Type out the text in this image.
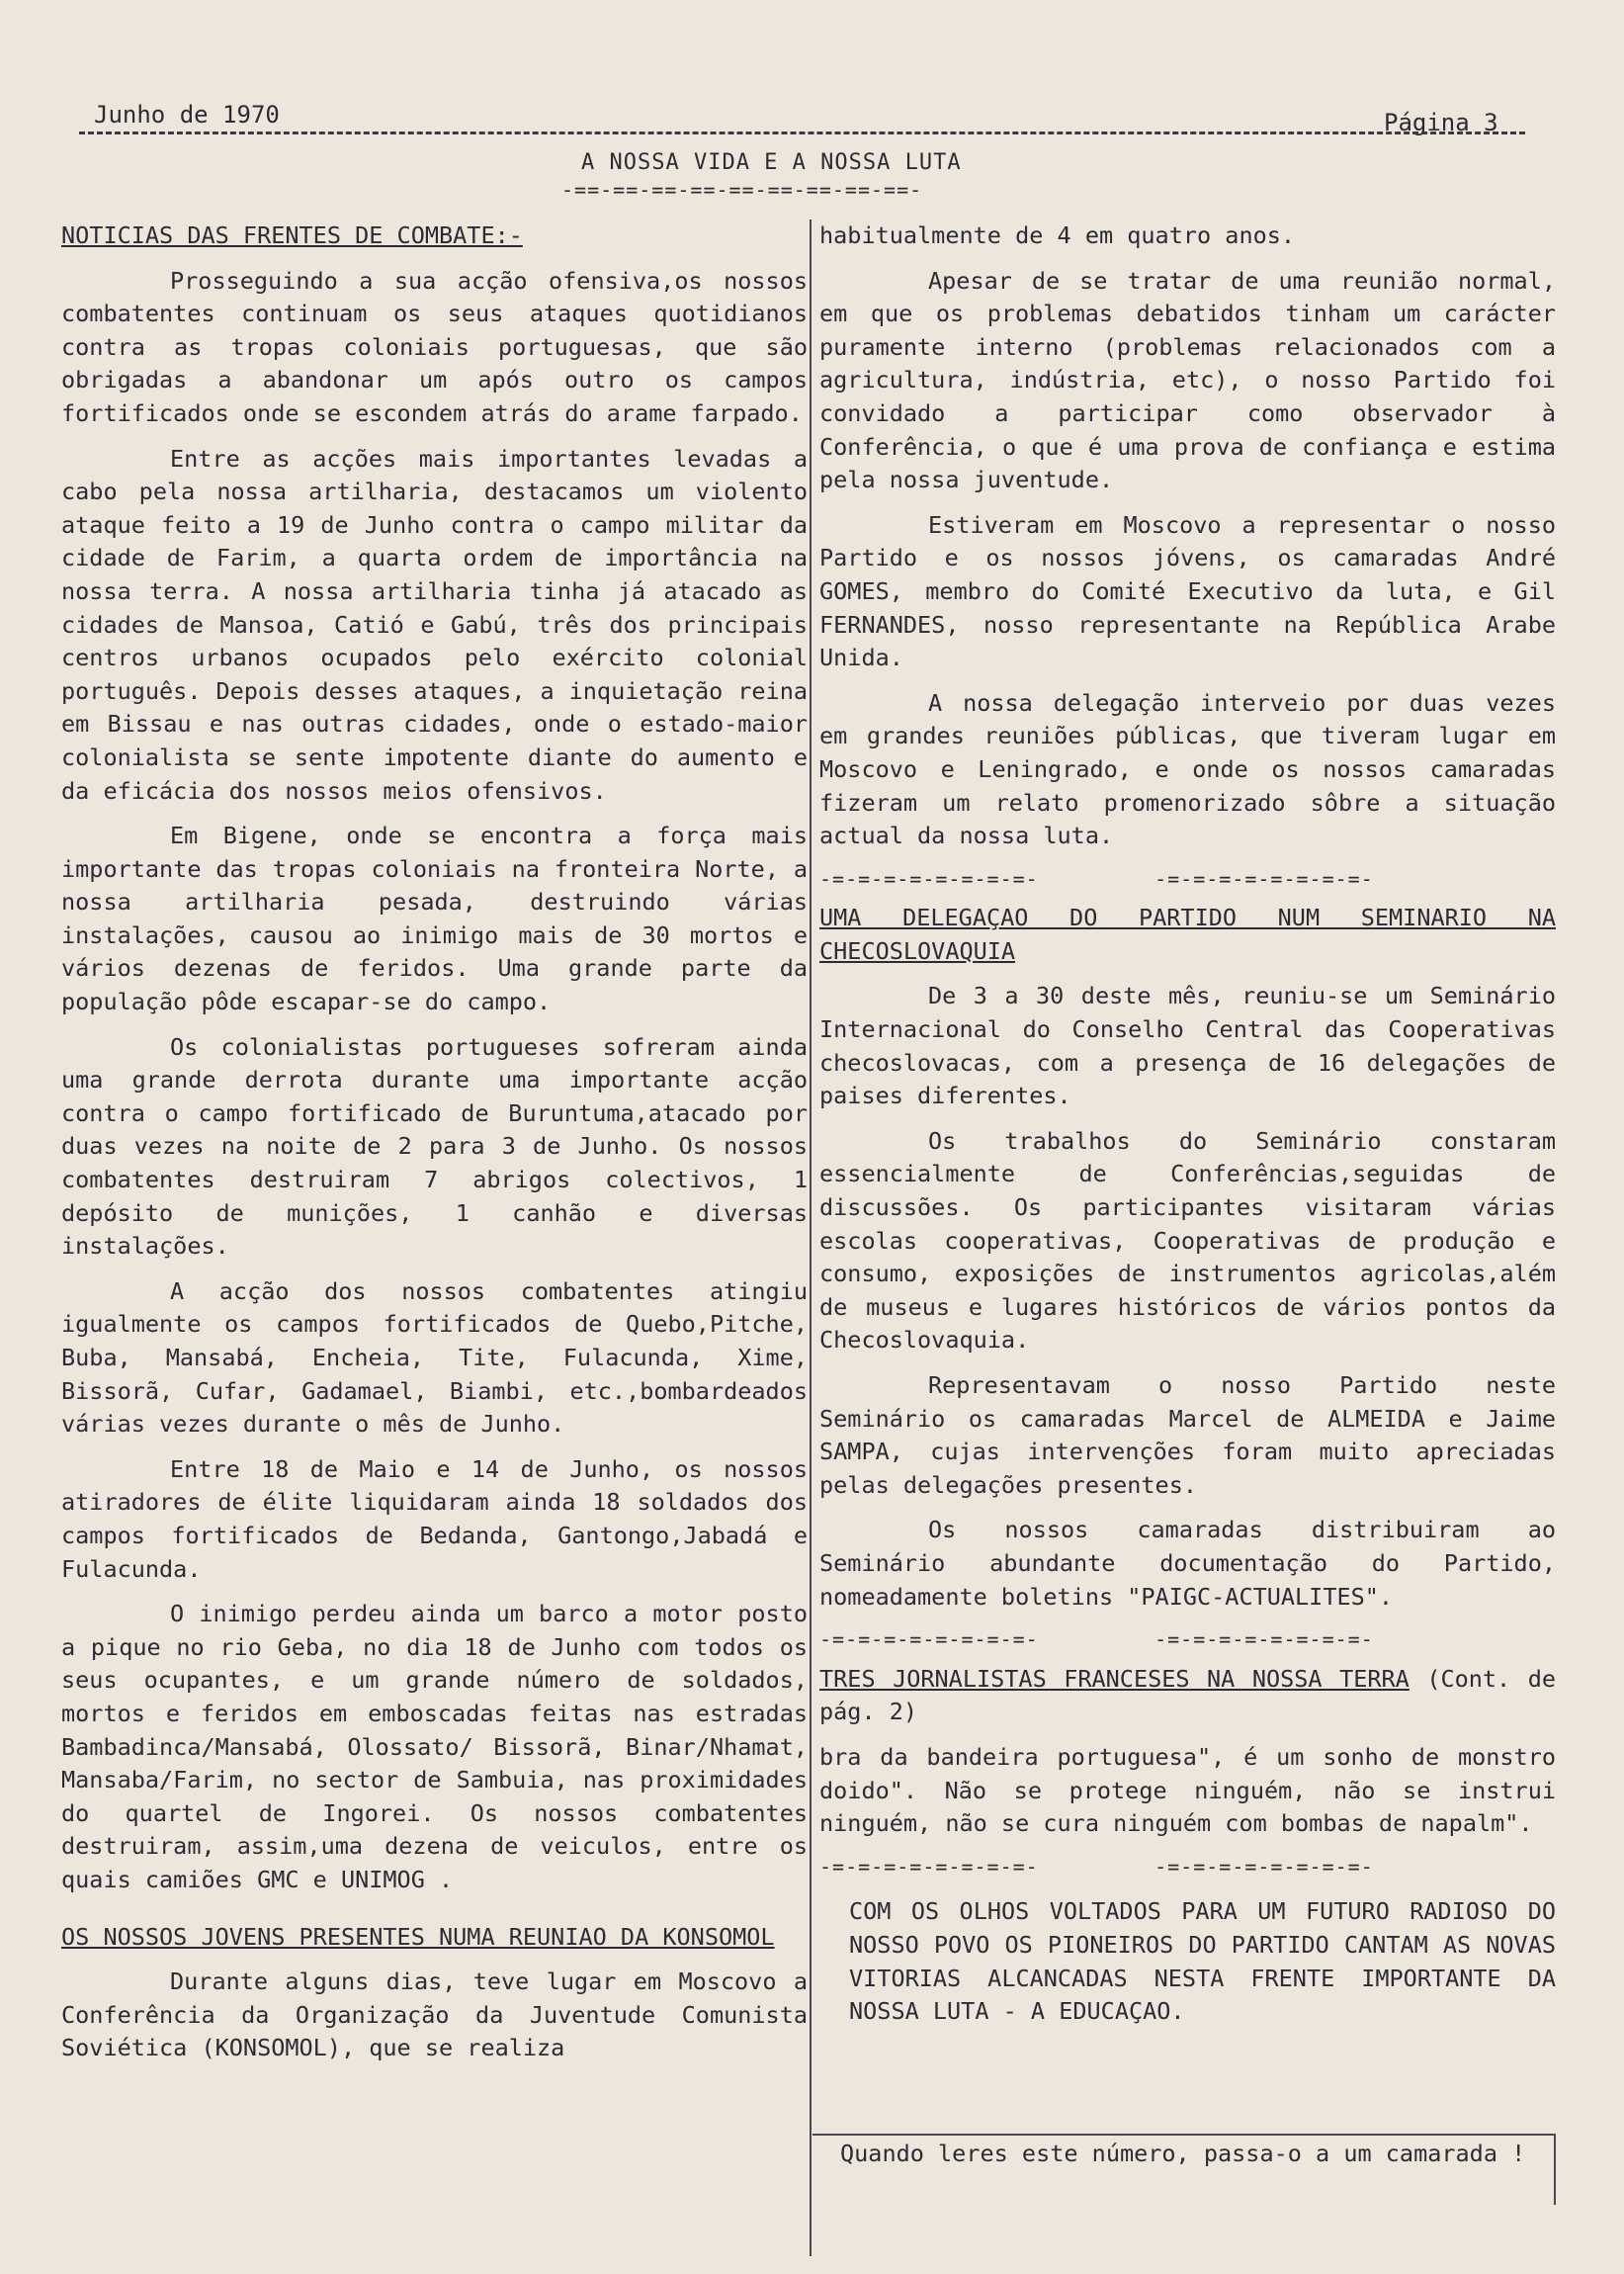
Junho de 1970	Página 3
A NOSSA VIDA E A NOSSA LUTA
-==-==-==-==-==-==-==-==-==-

NOTICIAS DAS FRENTES DE COMBATE:-

Prosseguindo a sua acção ofensiva,os nossos combatentes continuam os seus ataques quotidianos contra as tropas coloniais portuguesas, que são obrigadas a abandonar um após outro os campos fortificados onde se escondem atrás do arame farpado.

Entre as acções mais importantes levadas a cabo pela nossa artilharia, destacamos um violento ataque feito a 19 de Junho contra o campo militar da cidade de Farim, a quarta ordem de importância na nossa terra. A nossa artilharia tinha já atacado as cidades de Mansoa, Catió e Gabú, três dos principais centros urbanos ocupados pelo exército colonial português. Depois desses ataques, a inquietação reina em Bissau e nas outras cidades, onde o estado-maior colonialista se sente impotente diante do aumento e da eficácia dos nossos meios ofensivos.

Em Bigene, onde se encontra a força mais importante das tropas coloniais na fronteira Norte, a nossa artilharia pesada, destruindo várias instalações, causou ao inimigo mais de 30 mortos e vários dezenas de feridos. Uma grande parte da população pôde escapar-se do campo.

Os colonialistas portugueses sofreram ainda uma grande derrota durante uma importante acção contra o campo fortificado de Buruntuma,atacado por duas vezes na noite de 2 para 3 de Junho. Os nossos combatentes destruiram 7 abrigos colectivos, 1 depósito de munições, 1 canhão e diversas instalações.

A acção dos nossos combatentes atingiu igualmente os campos fortificados de Quebo,Pitche, Buba, Mansabá, Encheia, Tite, Fulacunda, Xime, Bissorã, Cufar, Gadamael, Biambi, etc.,bombardeados várias vezes durante o mês de Junho.

Entre 18 de Maio e 14 de Junho, os nossos atiradores de élite liquidaram ainda 18 soldados dos campos fortificados de Bedanda, Gantongo,Jabadá e Fulacunda.

O inimigo perdeu ainda um barco a motor posto a pique no rio Geba, no dia 18 de Junho com todos os seus ocupantes, e um grande número de soldados, mortos e feridos em emboscadas feitas nas estradas Bambadinca/Mansabá, Olossato/ Bissorã, Binar/Nhamat, Mansaba/Farim, no sector de Sambuia, nas proximidades do quartel de Ingorei. Os nossos combatentes destruiram, assim,uma dezena de veiculos, entre os quais camiões GMC e UNIMOG .

OS NOSSOS JOVENS PRESENTES NUMA REUNIAO DA KONSOMOL

Durante alguns dias, teve lugar em Moscovo a Conferência da Organização da Juventude Comunista Soviética (KONSOMOL), que se realiza

habitualmente de 4 em quatro anos.

Apesar de se tratar de uma reunião normal, em que os problemas debatidos tinham um carácter puramente interno (problemas relacionados com a agricultura, indústria, etc), o nosso Partido foi convidado a participar como observador à Conferência, o que é uma prova de confiança e estima pela nossa juventude.

Estiveram em Moscovo a representar o nosso Partido e os nossos jóvens, os camaradas André GOMES, membro do Comité Executivo da luta, e Gil FERNANDES, nosso representante na República Arabe Unida.

A nossa delegação interveio por duas vezes em grandes reuniões públicas, que tiveram lugar em Moscovo e Leningrado, e onde os nossos camaradas fizeram um relato promenorizado sôbre a situação actual da nossa luta.

-=-=-=-=-=-=-=-=-         -=-=-=-=-=-=-=-=-

UMA DELEGAÇAO DO PARTIDO NUM SEMINARIO NA CHECOSLOVAQUIA

De 3 a 30 deste mês, reuniu-se um Seminário Internacional do Conselho Central das Cooperativas checoslovacas, com a presença de 16 delegações de paises diferentes.

Os trabalhos do Seminário constaram essencialmente de Conferências,seguidas de discussões. Os participantes visitaram várias escolas cooperativas, Cooperativas de produção e consumo, exposições de instrumentos agricolas,além de museus e lugares históricos de vários pontos da Checoslovaquia.

Representavam o nosso Partido neste Seminário os camaradas Marcel de ALMEIDA e Jaime SAMPA, cujas intervenções foram muito apreciadas pelas delegações presentes.

Os nossos camaradas distribuiram ao Seminário abundante documentação do Partido, nomeadamente boletins "PAIGC-ACTUALITES".

-=-=-=-=-=-=-=-=-         -=-=-=-=-=-=-=-=-

TRES JORNALISTAS FRANCESES NA NOSSA TERRA (Cont. de pág. 2)

bra da bandeira portuguesa", é um sonho de monstro doido". Não se protege ninguém, não se instrui ninguém, não se cura ninguém com bombas de napalm".

-=-=-=-=-=-=-=-=-         -=-=-=-=-=-=-=-=-

COM OS OLHOS VOLTADOS PARA UM FUTURO RADIOSO DO NOSSO POVO OS PIONEIROS DO PARTIDO CANTAM AS NOVAS VITORIAS ALCANCADAS NESTA FRENTE IMPORTANTE DA NOSSA LUTA - A EDUCAÇAO.

Quando leres este número, passa-o a um camarada !
